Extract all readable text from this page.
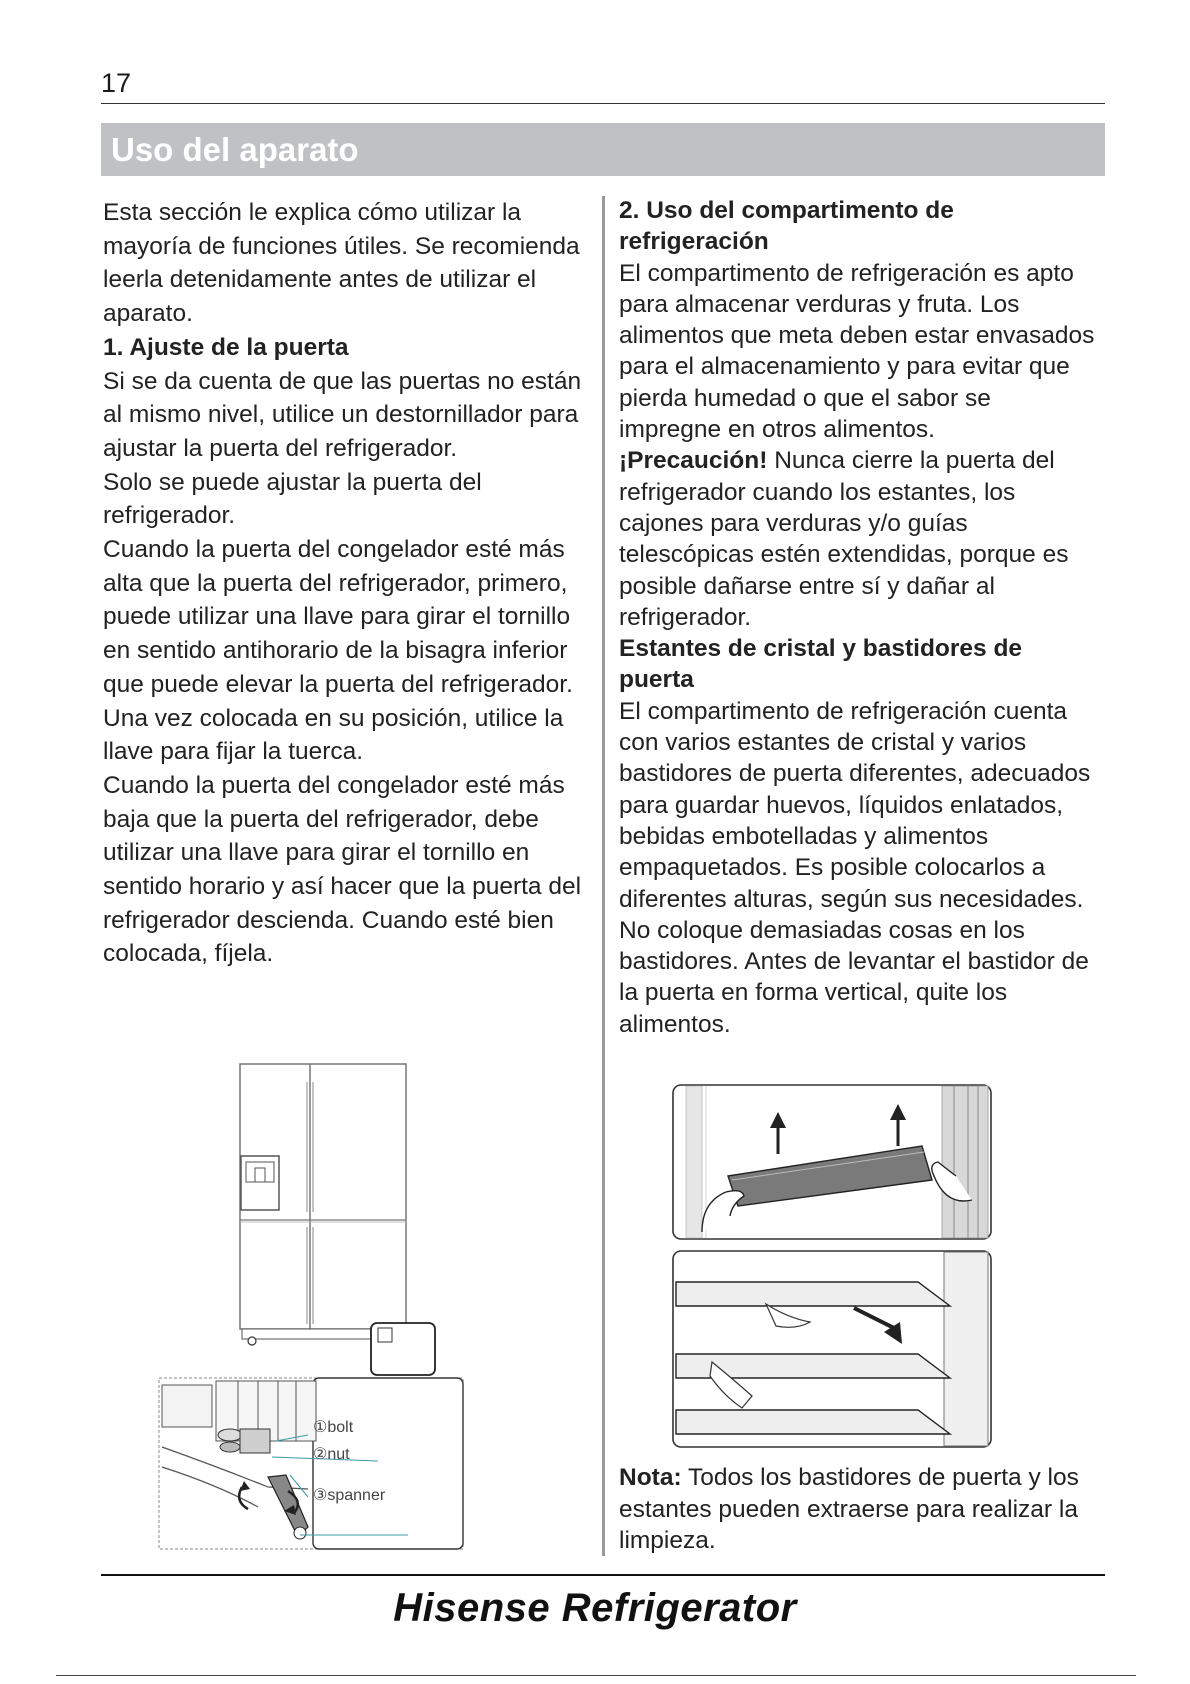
17
Uso del aparato

Esta sección le explica cómo utilizar la mayoría de funciones útiles. Se recomienda leerla detenidamente antes de utilizar el aparato.

1. Ajuste de la puerta

Si se da cuenta de que las puertas no están al mismo nivel, utilice un destornillador para ajustar la puerta del refrigerador.

Solo se puede ajustar la puerta del refrigerador.

Cuando la puerta del congelador esté más alta que la puerta del refrigerador, primero, puede utilizar una llave para girar el tornillo en sentido antihorario de la bisagra inferior que puede elevar la puerta del refrigerador. Una vez colocada en su posición, utilice la llave para fijar la tuerca.

Cuando la puerta del congelador esté más baja que la puerta del refrigerador, debe utilizar una llave para girar el tornillo en sentido horario y así hacer que la puerta del refrigerador descienda. Cuando esté bien colocada, fíjela.

2. Uso del compartimento de refrigeración

El compartimento de refrigeración es apto para almacenar verduras y fruta. Los alimentos que meta deben estar envasados para el almacenamiento y para evitar que pierda humedad o que el sabor se impregne en otros alimentos.

¡Precaución! Nunca cierre la puerta del refrigerador cuando los estantes, los cajones para verduras y/o guías telescópicas estén extendidas, porque es posible dañarse entre sí y dañar al refrigerador.

Estantes de cristal y bastidores de puerta

El compartimento de refrigeración cuenta con varios estantes de cristal y varios bastidores de puerta diferentes, adecuados para guardar huevos, líquidos enlatados, bebidas embotelladas y alimentos empaquetados. Es posible colocarlos a diferentes alturas, según sus necesidades. No coloque demasiadas cosas en los bastidores. Antes de levantar el bastidor de la puerta en forma vertical, quite los alimentos.

①bolt
②nut
③spanner
Nota: Todos los bastidores de puerta y los estantes pueden extraerse para realizar la limpieza.
Hisense Refrigerator
